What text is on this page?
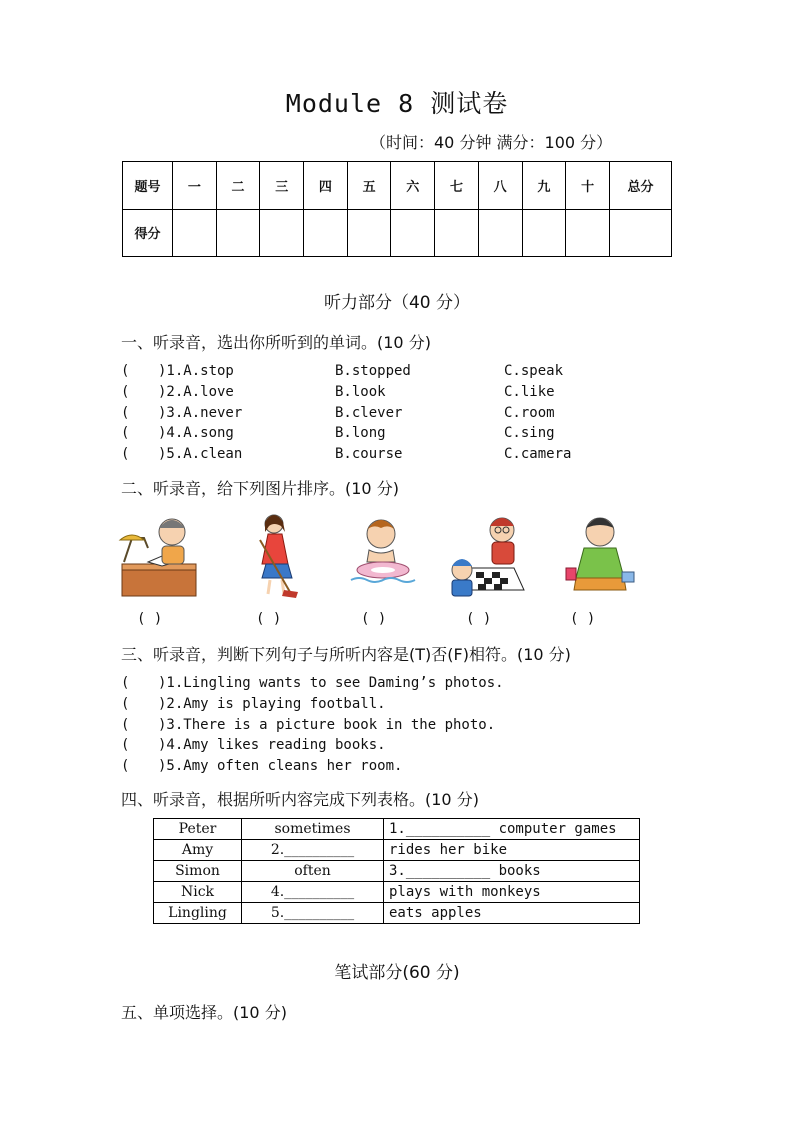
Module 8 测试卷
（时间：40 分钟 满分：100 分）
题号	一	二	三	四	五	六	七	八	九	十	总分
得分											
听力部分（40 分）
一、听录音，选出你所听到的单词。(10 分)
( )1.A.stop	B.stopped	C.speak
( )2.A.love	B.look	C.like
( )3.A.never	B.clever	C.room
( )4.A.song	B.long	C.sing
( )5.A.clean	B.course	C.camera
二、听录音，给下列图片排序。(10 分)
( )	( )	( )	( )	( )
三、听录音，判断下列句子与所听内容是(T)否(F)相符。(10 分)
( )1.Lingling wants to see Daming’s photos.
( )2.Amy is playing football.
( )3.There is a picture book in the photo.
( )4.Amy likes reading books.
( )5.Amy often cleans her room.
四、听录音，根据所听内容完成下列表格。(10 分)
Peter	sometimes	1.__________ computer games
Amy	2.__________	rides her bike
Simon	often	3.__________ books
Nick	4.__________	plays with monkeys
Lingling	5.__________	eats apples
笔试部分(60 分)
五、单项选择。(10 分)
